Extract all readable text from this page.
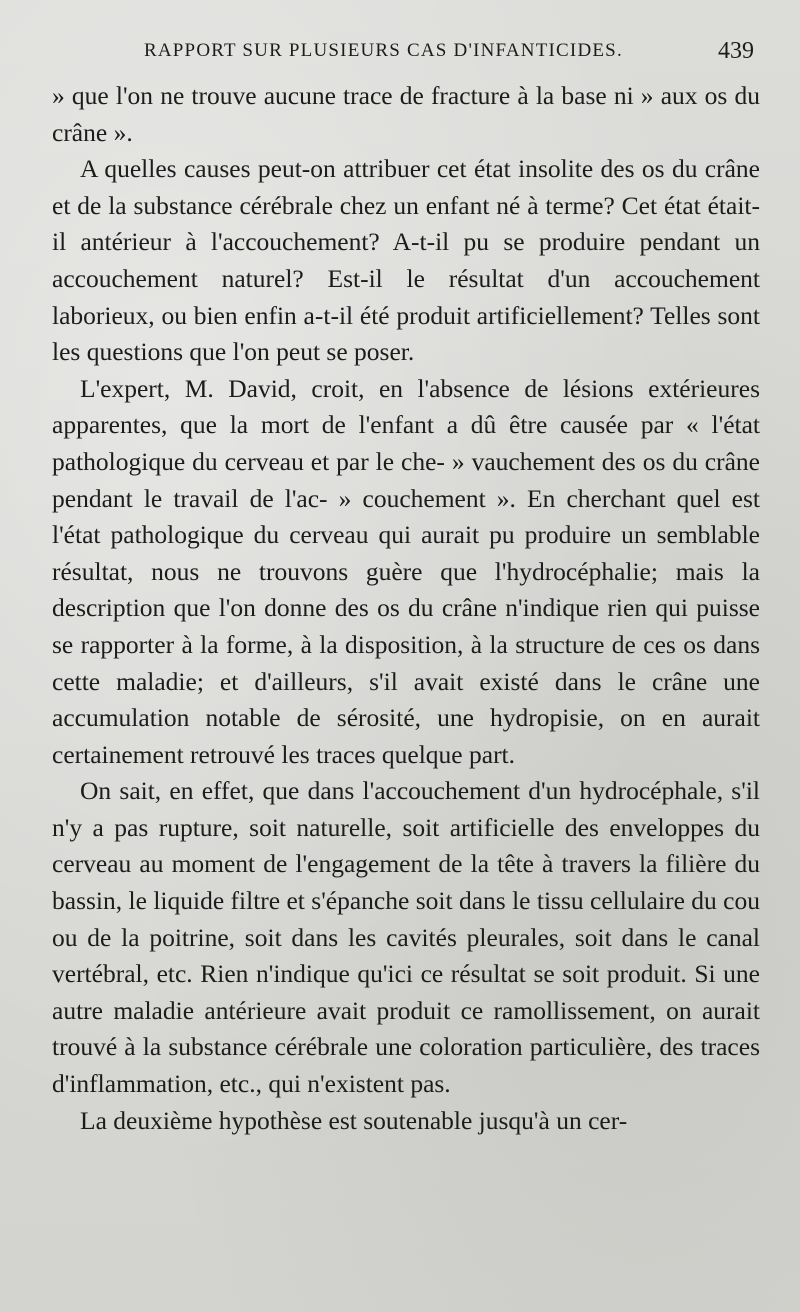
RAPPORT SUR PLUSIEURS CAS D'INFANTICIDES.	439

» que l'on ne trouve aucune trace de fracture à la base ni » aux os du crâne ».

A quelles causes peut-on attribuer cet état insolite des os du crâne et de la substance cérébrale chez un enfant né à terme? Cet état était-il antérieur à l'accouchement? A-t-il pu se produire pendant un accouchement naturel? Est-il le résultat d'un accouchement laborieux, ou bien enfin a-t-il été produit artificiellement? Telles sont les questions que l'on peut se poser.

L'expert, M. David, croit, en l'absence de lésions extérieures apparentes, que la mort de l'enfant a dû être causée par « l'état pathologique du cerveau et par le che- » vauchement des os du crâne pendant le travail de l'ac- » couchement ». En cherchant quel est l'état pathologique du cerveau qui aurait pu produire un semblable résultat, nous ne trouvons guère que l'hydrocéphalie; mais la description que l'on donne des os du crâne n'indique rien qui puisse se rapporter à la forme, à la disposition, à la structure de ces os dans cette maladie; et d'ailleurs, s'il avait existé dans le crâne une accumulation notable de sérosité, une hydropisie, on en aurait certainement retrouvé les traces quelque part.

On sait, en effet, que dans l'accouchement d'un hydrocéphale, s'il n'y a pas rupture, soit naturelle, soit artificielle des enveloppes du cerveau au moment de l'engagement de la tête à travers la filière du bassin, le liquide filtre et s'épanche soit dans le tissu cellulaire du cou ou de la poitrine, soit dans les cavités pleurales, soit dans le canal vertébral, etc. Rien n'indique qu'ici ce résultat se soit produit. Si une autre maladie antérieure avait produit ce ramollissement, on aurait trouvé à la substance cérébrale une coloration particulière, des traces d'inflammation, etc., qui n'existent pas.

La deuxième hypothèse est soutenable jusqu'à un cer-
